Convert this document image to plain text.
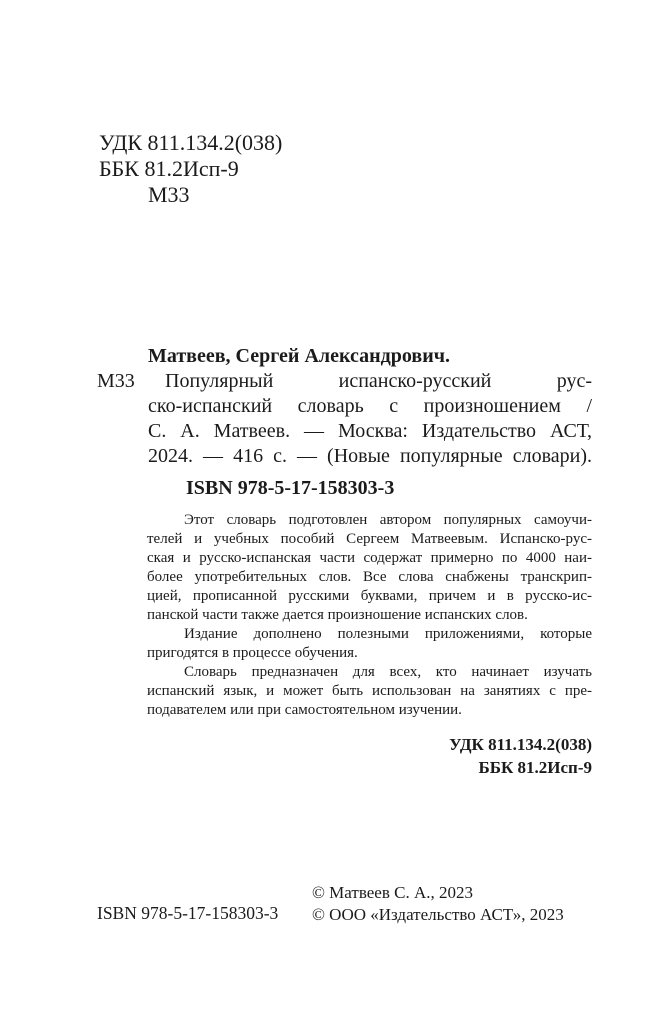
УДК 811.134.2(038)
ББК 81.2Исп-9
М33
Матвеев, Сергей Александрович.
М33	Популярный испанско-русский рус-
ско-испанский словарь с произношением /
С. А. Матвеев. — Москва: Издательство АСТ,
2024. — 416 с. — (Новые популярные словари).
ISBN 978-5-17-158303-3
Этот словарь подготовлен автором популярных самоучи-
телей и учебных пособий Сергеем Матвеевым. Испанско-рус-
ская и русско-испанская части содержат примерно по 4000 наи-
более употребительных слов. Все слова снабжены транскрип-
цией, прописанной русскими буквами, причем и в русско-ис-
панской части также дается произношение испанских слов.
Издание дополнено полезными приложениями, которые
пригодятся в процессе обучения.
Словарь предназначен для всех, кто начинает изучать
испанский язык, и может быть использован на занятиях с пре-
подавателем или при самостоятельном изучении.
УДК 811.134.2(038)
ББК 81.2Исп-9
ISBN 978-5-17-158303-3
© Матвеев С. А., 2023
© ООО «Издательство АСТ», 2023
